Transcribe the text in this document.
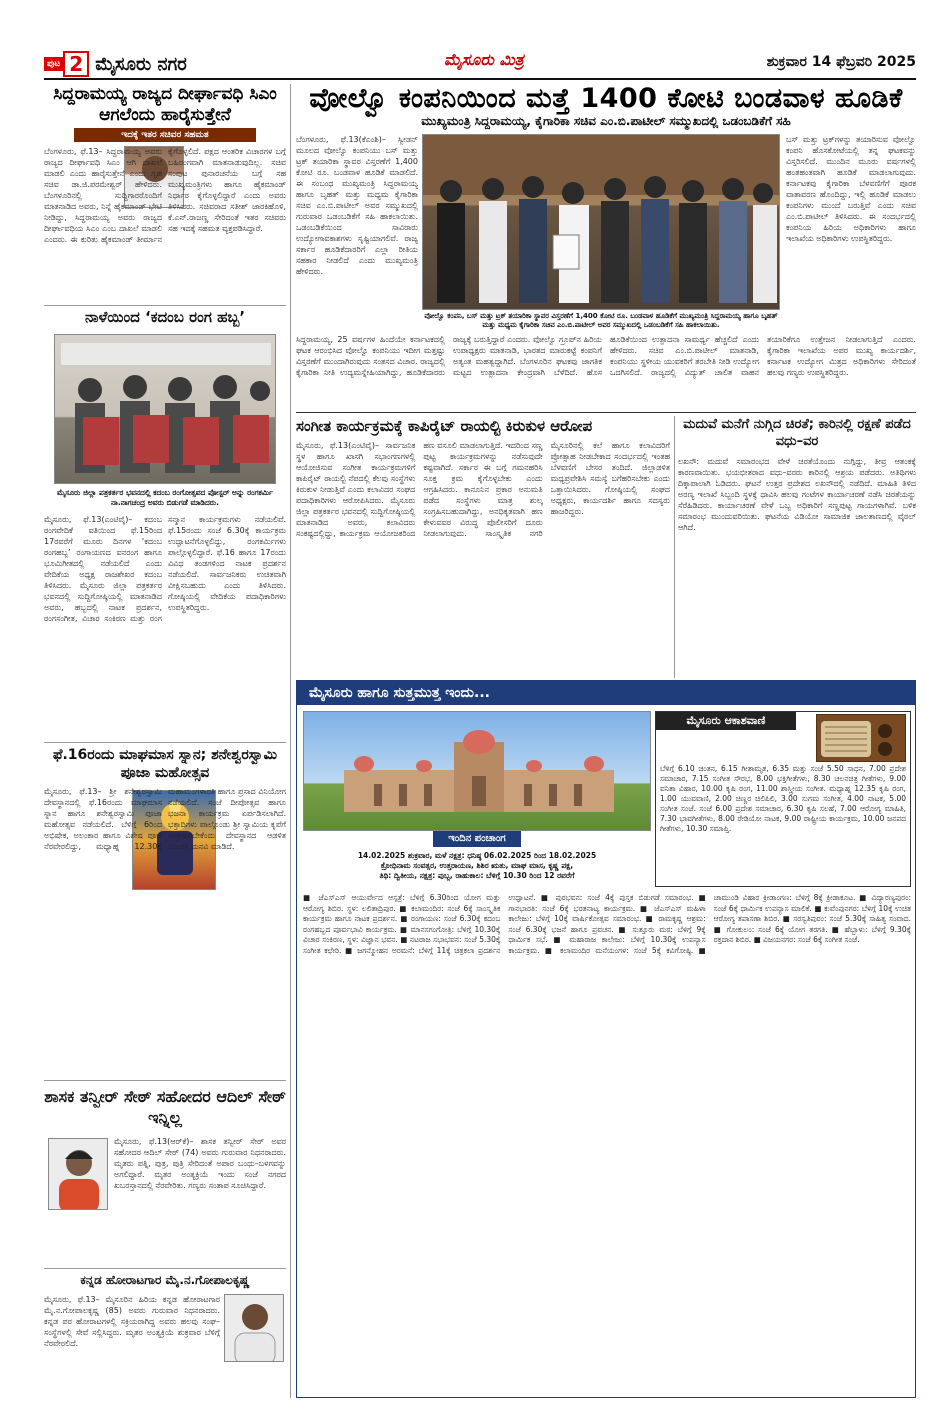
ಪುಟ 2 ಮೈಸೂರು ನಗರ	ಮೈಸೂರು ಮಿತ್ರ	ಶುಕ್ರವಾರ 14 ಫೆಬ್ರವರಿ 2025
ಸಿದ್ದರಾಮಯ್ಯ ರಾಜ್ಯದ ದೀರ್ಘಾವಧಿ ಸಿಎಂ ಆಗಲೆಂದು ಹಾರೈಸುತ್ತೇನೆ
ಇದಕ್ಕೆ ಇತರ ಸಚಿವರ ಸಹಮತ
ಬೆಂಗಳೂರು, ಫೆ.13– ಸಿದ್ದರಾಮಯ್ಯ ಅವರು ರಾಜ್ಯದ ದೀರ್ಘಾವಧಿ ಸಿಎಂ ಆಗಿ ದಾಖಲೆ ಮಾಡಲಿ ಎಂದು ಹಾರೈಸುತ್ತೇನೆ ಎಂದು ಗೃಹ ಸಚಿವ ಡಾ.ಜಿ.ಪರಮೇಶ್ವರ್ ಹೇಳಿದರು. ಬೆಂಗಳೂರಿನಲ್ಲಿ ಸುದ್ದಿಗಾರರೊಂದಿಗೆ ಮಾತನಾಡಿದ ಅವರು, ನಿನ್ನೆ ಹೈಕಮಾಂಡ್ ಭೇಟಿ ನೀಡಿದ್ದು, ಸಿದ್ದರಾಮಯ್ಯ ಅವರು ರಾಜ್ಯದ ದೀರ್ಘಾವಧಿಯ ಸಿಎಂ ಎಂಬ ದಾಖಲೆ ಮಾಡಲಿ ಎಂದರು. ಈ ಕುರಿತು ಹೈಕಮಾಂಡ್ ತೀರ್ಮಾನ ಕೈಗೊಳ್ಳಲಿದೆ. ಪಕ್ಷದ ಆಂತರಿಕ ವಿಚಾರಗಳ ಬಗ್ಗೆ ಬಹಿರಂಗವಾಗಿ ಮಾತನಾಡುವುದಿಲ್ಲ. ಸಚಿವ ಸಂಪುಟ ಪುನಾರಚನೆಯ ಬಗ್ಗೆ ಸಹ ಮುಖ್ಯಮಂತ್ರಿಗಳು ಹಾಗೂ ಹೈಕಮಾಂಡ್ ನಿರ್ಧಾರ ಕೈಗೊಳ್ಳಲಿದ್ದಾರೆ ಎಂದು ಅವರು ತಿಳಿಸಿದರು. ಸಚಿವರಾದ ಸತೀಶ್ ಜಾರಕಿಹೊಳಿ, ಕೆ.ಎನ್.ರಾಜಣ್ಣ ಸೇರಿದಂತೆ ಇತರ ಸಚಿವರು ಸಹ ಇದಕ್ಕೆ ಸಹಮತ ವ್ಯಕ್ತಪಡಿಸಿದ್ದಾರೆ.
ನಾಳೆಯಿಂದ ‘ಕದಂಬ ರಂಗ ಹಬ್ಬ’
ಮೈಸೂರು ಜಿಲ್ಲಾ ಪತ್ರಕರ್ತರ ಭವನದಲ್ಲಿ ಕದಂಬ ರಂಗೋತ್ಸವದ ಪೋಸ್ಟರ್ ಅನ್ನು ರಂಗಕರ್ಮಿ ನಾ.ನಾಗಚಂದ್ರ ಅವರು ಬಿಡುಗಡೆ ಮಾಡಿದರು.
ಮೈಸೂರು, ಫೆ.13(ಎಂಟಿವೈ)– ಕದಂಬ ರಂಗವೇದಿಕೆ ವತಿಯಿಂದ ಫೆ.15ರಿಂದ 17ರವರೆಗೆ ಮೂರು ದಿನಗಳ ‘ಕದಂಬ ರಂಗಹಬ್ಬ’ ರಂಗಾಯಣದ ವನರಂಗ ಹಾಗೂ ಭೂಮಿಗೀತದಲ್ಲಿ ನಡೆಯಲಿದೆ ಎಂದು ವೇದಿಕೆಯ ಅಧ್ಯಕ್ಷ ರಾಜಶೇಖರ ಕದಂಬ ತಿಳಿಸಿದರು. ಮೈಸೂರು ಜಿಲ್ಲಾ ಪತ್ರಕರ್ತರ ಭವನದಲ್ಲಿ ಸುದ್ದಿಗೋಷ್ಠಿಯಲ್ಲಿ ಮಾತನಾಡಿದ ಅವರು, ಹಬ್ಬದಲ್ಲಿ ನಾಟಕ ಪ್ರದರ್ಶನ, ರಂಗಸಂಗೀತ, ವಿಚಾರ ಸಂಕಿರಣ ಮತ್ತು ರಂಗ ಸನ್ಮಾನ ಕಾರ್ಯಕ್ರಮಗಳು ನಡೆಯಲಿವೆ. ಫೆ.15ರಂದು ಸಂಜೆ 6.30ಕ್ಕೆ ಕಾರ್ಯಕ್ರಮ ಉದ್ಘಾಟನೆಗೊಳ್ಳಲಿದ್ದು, ರಂಗಕರ್ಮಿಗಳು ಪಾಲ್ಗೊಳ್ಳಲಿದ್ದಾರೆ. ಫೆ.16 ಹಾಗೂ 17ರಂದು ವಿವಿಧ ತಂಡಗಳಿಂದ ನಾಟಕ ಪ್ರದರ್ಶನ ನಡೆಯಲಿದೆ. ಸಾರ್ವಜನಿಕರು ಉಚಿತವಾಗಿ ವೀಕ್ಷಿಸಬಹುದು ಎಂದು ತಿಳಿಸಿದರು. ಗೋಷ್ಠಿಯಲ್ಲಿ ವೇದಿಕೆಯ ಪದಾಧಿಕಾರಿಗಳು ಉಪಸ್ಥಿತರಿದ್ದರು.
ಫೆ.16ರಂದು ಮಾಘಮಾಸ ಸ್ನಾನ; ಶನೇಶ್ವರಸ್ವಾಮಿ ಪೂಜಾ ಮಹೋತ್ಸವ
ಮೈಸೂರು, ಫೆ.13– ಶ್ರೀ ಶನೇಶ್ವರಸ್ವಾಮಿ ದೇವಸ್ಥಾನದಲ್ಲಿ ಫೆ.16ರಂದು ಮಾಘಮಾಸ ಸ್ನಾನ ಹಾಗೂ ಶನೇಶ್ವರಸ್ವಾಮಿ ಪೂಜಾ ಮಹೋತ್ಸವ ನಡೆಯಲಿದೆ. ಬೆಳಿಗ್ಗೆ 6ರಿಂದ ಅಭಿಷೇಕ, ಅಲಂಕಾರ ಹಾಗೂ ವಿಶೇಷ ಪೂಜೆ ನೆರವೇರಲಿದ್ದು, ಮಧ್ಯಾಹ್ನ 12.30ಕ್ಕೆ ಮಹಾಮಂಗಳಾರತಿ ಹಾಗೂ ಪ್ರಸಾದ ವಿನಿಯೋಗ ನಡೆಯಲಿದೆ. ಸಂಜೆ ದೀಪೋತ್ಸವ ಹಾಗೂ ಭಜನಾ ಕಾರ್ಯಕ್ರಮ ಏರ್ಪಡಿಸಲಾಗಿದೆ. ಭಕ್ತಾದಿಗಳು ಪಾಲ್ಗೊಂಡು ಶ್ರೀ ಸ್ವಾಮಿಯ ಕೃಪೆಗೆ ಪಾತ್ರರಾಗಬೇಕೆಂದು ದೇವಸ್ಥಾನದ ಆಡಳಿತ ಮಂಡಳಿ ಮನವಿ ಮಾಡಿದೆ.
ಶಾಸಕ ತನ್ವೀರ್ ಸೇಠ್ ಸಹೋದರ ಆದಿಲ್ ಸೇಠ್ ಇನ್ನಿಲ್ಲ
ಮೈಸೂರು, ಫೆ.13(ಆರ್‌ಕೆ)– ಶಾಸಕ ತನ್ವೀರ್ ಸೇಠ್ ಅವರ ಸಹೋದರ ಆದಿಲ್ ಸೇಠ್ (74) ಅವರು ಗುರುವಾರ ನಿಧನರಾದರು. ಮೃತರು ಪತ್ನಿ, ಪುತ್ರ, ಪುತ್ರಿ ಸೇರಿದಂತೆ ಅಪಾರ ಬಂಧು–ಬಳಗವನ್ನು ಅಗಲಿದ್ದಾರೆ. ಮೃತರ ಅಂತ್ಯಕ್ರಿಯೆ ಇಂದು ಸಂಜೆ ನಗರದ ಖಬರಸ್ತಾನದಲ್ಲಿ ನೆರವೇರಿತು. ಗಣ್ಯರು ಸಂತಾಪ ಸೂಚಿಸಿದ್ದಾರೆ.
ಕನ್ನಡ ಹೋರಾಟಗಾರ ಮೈ.ನ.ಗೋಪಾಲಕೃಷ್ಣ
ಮೈಸೂರು, ಫೆ.13– ಮೈಸೂರಿನ ಹಿರಿಯ ಕನ್ನಡ ಹೋರಾಟಗಾರ ಮೈ.ನ.ಗೋಪಾಲಕೃಷ್ಣ (85) ಅವರು ಗುರುವಾರ ನಿಧನರಾದರು. ಕನ್ನಡ ಪರ ಹೋರಾಟಗಳಲ್ಲಿ ಸಕ್ರಿಯರಾಗಿದ್ದ ಅವರು ಹಲವು ಸಂಘ–ಸಂಸ್ಥೆಗಳಲ್ಲಿ ಸೇವೆ ಸಲ್ಲಿಸಿದ್ದರು. ಮೃತರ ಅಂತ್ಯಕ್ರಿಯೆ ಶುಕ್ರವಾರ ಬೆಳಿಗ್ಗೆ ನೆರವೇರಲಿದೆ.
ವೋಲ್ವೊ ಕಂಪನಿಯಿಂದ ಮತ್ತೆ 1400 ಕೋಟಿ ಬಂಡವಾಳ ಹೂಡಿಕೆ
ಮುಖ್ಯಮಂತ್ರಿ ಸಿದ್ದರಾಮಯ್ಯ, ಕೈಗಾರಿಕಾ ಸಚಿವ ಎಂ.ಬಿ.ಪಾಟೀಲ್ ಸಮ್ಮುಖದಲ್ಲಿ ಒಡಂಬಡಿಕೆಗೆ ಸಹಿ
ಬೆಂಗಳೂರು, ಫೆ.13(ಕೆಎಂಶಿ)– ಸ್ವೀಡನ್ ಮೂಲದ ವೋಲ್ವೊ ಕಂಪನಿಯು ಬಸ್ ಮತ್ತು ಟ್ರಕ್ ತಯಾರಿಕಾ ಸ್ಥಾವರ ವಿಸ್ತರಣೆಗೆ 1,400 ಕೋಟಿ ರೂ. ಬಂಡವಾಳ ಹೂಡಿಕೆ ಮಾಡಲಿದೆ. ಈ ಸಂಬಂಧ ಮುಖ್ಯಮಂತ್ರಿ ಸಿದ್ದರಾಮಯ್ಯ ಹಾಗೂ ಬೃಹತ್ ಮತ್ತು ಮಧ್ಯಮ ಕೈಗಾರಿಕಾ ಸಚಿವ ಎಂ.ಬಿ.ಪಾಟೀಲ್ ಅವರ ಸಮ್ಮುಖದಲ್ಲಿ ಗುರುವಾರ ಒಡಂಬಡಿಕೆಗೆ ಸಹಿ ಹಾಕಲಾಯಿತು. ಒಡಂಬಡಿಕೆಯಿಂದ ಸಾವಿರಾರು ಉದ್ಯೋಗಾವಕಾಶಗಳು ಸೃಷ್ಟಿಯಾಗಲಿವೆ. ರಾಜ್ಯ ಸರ್ಕಾರ ಹೂಡಿಕೆದಾರರಿಗೆ ಎಲ್ಲಾ ರೀತಿಯ ಸಹಕಾರ ನೀಡಲಿದೆ ಎಂದು ಮುಖ್ಯಮಂತ್ರಿ ಹೇಳಿದರು.
ವೋಲ್ವೊ ಕಂಪನಿ, ಬಸ್ ಮತ್ತು ಟ್ರಕ್ ತಯಾರಿಕಾ ಸ್ಥಾವರ ವಿಸ್ತರಣೆಗೆ 1,400 ಕೋಟಿ ರೂ. ಬಂಡವಾಳ ಹೂಡಿಕೆಗೆ ಮುಖ್ಯಮಂತ್ರಿ ಸಿದ್ದರಾಮಯ್ಯ ಹಾಗೂ ಬೃಹತ್ ಮತ್ತು ಮಧ್ಯಮ ಕೈಗಾರಿಕಾ ಸಚಿವ ಎಂ.ಬಿ.ಪಾಟೀಲ್ ಅವರ ಸಮ್ಮುಖದಲ್ಲಿ ಒಡಂಬಡಿಕೆಗೆ ಸಹಿ ಹಾಕಲಾಯಿತು.
ಬಸ್ ಮತ್ತು ಟ್ರಕ್‌ಗಳನ್ನು ತಯಾರಿಸುವ ವೋಲ್ವೊ ಕಂಪನಿ ಹೊಸಕೋಟೆಯಲ್ಲಿ ತನ್ನ ಘಟಕವನ್ನು ವಿಸ್ತರಿಸಲಿದೆ. ಮುಂದಿನ ಮೂರು ವರ್ಷಗಳಲ್ಲಿ ಹಂತಹಂತವಾಗಿ ಹೂಡಿಕೆ ಮಾಡಲಾಗುವುದು. ಕರ್ನಾಟಕವು ಕೈಗಾರಿಕಾ ಬೆಳವಣಿಗೆಗೆ ಪೂರಕ ವಾತಾವರಣ ಹೊಂದಿದ್ದು, ಇಲ್ಲಿ ಹೂಡಿಕೆ ಮಾಡಲು ಕಂಪನಿಗಳು ಮುಂದೆ ಬರುತ್ತಿವೆ ಎಂದು ಸಚಿವ ಎಂ.ಬಿ.ಪಾಟೀಲ್ ತಿಳಿಸಿದರು. ಈ ಸಂದರ್ಭದಲ್ಲಿ ಕಂಪನಿಯ ಹಿರಿಯ ಅಧಿಕಾರಿಗಳು ಹಾಗೂ ಇಲಾಖೆಯ ಅಧಿಕಾರಿಗಳು ಉಪಸ್ಥಿತರಿದ್ದರು.
ಸಿದ್ದರಾಮಯ್ಯ, 25 ವರ್ಷಗಳ ಹಿಂದೆಯೇ ಕರ್ನಾಟಕದಲ್ಲಿ ಘಟಕ ಆರಂಭಿಸಿದ ವೋಲ್ವೊ ಕಂಪನಿಯು ಇದೀಗ ಮತ್ತಷ್ಟು ವಿಸ್ತರಣೆಗೆ ಮುಂದಾಗಿರುವುದು ಸಂತಸದ ವಿಚಾರ. ರಾಜ್ಯದಲ್ಲಿ ಕೈಗಾರಿಕಾ ನೀತಿ ಉದ್ಯಮಸ್ನೇಹಿಯಾಗಿದ್ದು, ಹೂಡಿಕೆದಾರರು ರಾಜ್ಯಕ್ಕೆ ಬರುತ್ತಿದ್ದಾರೆ ಎಂದರು. ವೋಲ್ವೊ ಗ್ರೂಪ್‌ನ ಹಿರಿಯ ಉಪಾಧ್ಯಕ್ಷರು ಮಾತನಾಡಿ, ಭಾರತದ ಮಾರುಕಟ್ಟೆ ಕಂಪನಿಗೆ ಅತ್ಯಂತ ಮಹತ್ವದ್ದಾಗಿದೆ. ಬೆಂಗಳೂರಿನ ಘಟಕವು ಜಾಗತಿಕ ಮಟ್ಟದ ಉತ್ಪಾದನಾ ಕೇಂದ್ರವಾಗಿ ಬೆಳೆದಿದೆ. ಹೊಸ ಹೂಡಿಕೆಯಿಂದ ಉತ್ಪಾದನಾ ಸಾಮರ್ಥ್ಯ ಹೆಚ್ಚಲಿದೆ ಎಂದು ಹೇಳಿದರು. ಸಚಿವ ಎಂ.ಬಿ.ಪಾಟೀಲ್ ಮಾತನಾಡಿ, ಕಂಪನಿಯು ಸ್ಥಳೀಯ ಯುವಕರಿಗೆ ತರಬೇತಿ ನೀಡಿ ಉದ್ಯೋಗ ಒದಗಿಸಲಿದೆ. ರಾಜ್ಯದಲ್ಲಿ ವಿದ್ಯುತ್ ಚಾಲಿತ ವಾಹನ ತಯಾರಿಕೆಗೂ ಉತ್ತೇಜನ ನೀಡಲಾಗುತ್ತಿದೆ ಎಂದರು. ಕೈಗಾರಿಕಾ ಇಲಾಖೆಯ ಅಪರ ಮುಖ್ಯ ಕಾರ್ಯದರ್ಶಿ, ಕರ್ನಾಟಕ ಉದ್ಯೋಗ ಮಿತ್ರದ ಅಧಿಕಾರಿಗಳು ಸೇರಿದಂತೆ ಹಲವು ಗಣ್ಯರು ಉಪಸ್ಥಿತರಿದ್ದರು.
ಸಂಗೀತ ಕಾರ್ಯಕ್ರಮಕ್ಕೆ ಕಾಪಿರೈಟ್ ರಾಯಲ್ಟಿ ಕಿರುಕುಳ ಆರೋಪ
ಮೈಸೂರು, ಫೆ.13(ಎಂಟಿವೈ)– ಸಾರ್ವಜನಿಕ ಸ್ಥಳ ಹಾಗೂ ಖಾಸಗಿ ಸಭಾಂಗಣಗಳಲ್ಲಿ ಆಯೋಜಿಸುವ ಸಂಗೀತ ಕಾರ್ಯಕ್ರಮಗಳಿಗೆ ಕಾಪಿರೈಟ್ ರಾಯಲ್ಟಿ ನೆಪದಲ್ಲಿ ಕೆಲವು ಸಂಸ್ಥೆಗಳು ಕಿರುಕುಳ ನೀಡುತ್ತಿವೆ ಎಂದು ಕಲಾವಿದರ ಸಂಘದ ಪದಾಧಿಕಾರಿಗಳು ಆರೋಪಿಸಿದರು. ಮೈಸೂರು ಜಿಲ್ಲಾ ಪತ್ರಕರ್ತರ ಭವನದಲ್ಲಿ ಸುದ್ದಿಗೋಷ್ಠಿಯಲ್ಲಿ ಮಾತನಾಡಿದ ಅವರು, ಕಲಾವಿದರು ಸಂಕಷ್ಟದಲ್ಲಿದ್ದು, ಕಾರ್ಯಕ್ರಮ ಆಯೋಜಕರಿಂದ ಹಣ ವಸೂಲಿ ಮಾಡಲಾಗುತ್ತಿದೆ. ಇದರಿಂದ ಸಣ್ಣ ಪುಟ್ಟ ಕಾರ್ಯಕ್ರಮಗಳನ್ನು ನಡೆಸುವುದೇ ಕಷ್ಟವಾಗಿದೆ. ಸರ್ಕಾರ ಈ ಬಗ್ಗೆ ಗಮನಹರಿಸಿ ಸೂಕ್ತ ಕ್ರಮ ಕೈಗೊಳ್ಳಬೇಕು ಎಂದು ಆಗ್ರಹಿಸಿದರು. ಕಾನೂನಿನ ಪ್ರಕಾರ ಅನುಮತಿ ಪಡೆದ ಸಂಸ್ಥೆಗಳು ಮಾತ್ರ ಶುಲ್ಕ ಸಂಗ್ರಹಿಸಬಹುದಾಗಿದ್ದು, ಅನಧಿಕೃತವಾಗಿ ಹಣ ಕೇಳುವವರ ವಿರುದ್ಧ ಪೊಲೀಸರಿಗೆ ದೂರು ನೀಡಲಾಗುವುದು. ಸಾಂಸ್ಕೃತಿಕ ನಗರಿ ಮೈಸೂರಿನಲ್ಲಿ ಕಲೆ ಹಾಗೂ ಕಲಾವಿದರಿಗೆ ಪ್ರೋತ್ಸಾಹ ನೀಡಬೇಕಾದ ಸಂದರ್ಭದಲ್ಲಿ ಇಂತಹ ಬೆಳವಣಿಗೆ ಬೇಸರ ತಂದಿದೆ. ಜಿಲ್ಲಾಡಳಿತ ಮಧ್ಯಪ್ರವೇಶಿಸಿ ಸಮಸ್ಯೆ ಬಗೆಹರಿಸಬೇಕು ಎಂದು ಒತ್ತಾಯಿಸಿದರು. ಗೋಷ್ಠಿಯಲ್ಲಿ ಸಂಘದ ಅಧ್ಯಕ್ಷರು, ಕಾರ್ಯದರ್ಶಿ ಹಾಗೂ ಸದಸ್ಯರು ಹಾಜರಿದ್ದರು.
ಮದುವೆ ಮನೆಗೆ ನುಗ್ಗಿದ ಚಿರತೆ; ಕಾರಿನಲ್ಲಿ ರಕ್ಷಣೆ ಪಡೆದ ವಧು–ವರ
ಲಖನೌ: ಮದುವೆ ಸಮಾರಂಭದ ವೇಳೆ ಚಿರತೆಯೊಂದು ನುಗ್ಗಿದ್ದು, ತೀವ್ರ ಆತಂಕಕ್ಕೆ ಕಾರಣವಾಯಿತು. ಭಯಭೀತರಾದ ವಧು–ವರರು ಕಾರಿನಲ್ಲಿ ಆಶ್ರಯ ಪಡೆದರು. ಅತಿಥಿಗಳು ದಿಕ್ಕಾಪಾಲಾಗಿ ಓಡಿದರು. ಘಟನೆ ಉತ್ತರ ಪ್ರದೇಶದ ಲಖನೌದಲ್ಲಿ ನಡೆದಿದೆ. ಮಾಹಿತಿ ತಿಳಿದ ಅರಣ್ಯ ಇಲಾಖೆ ಸಿಬ್ಬಂದಿ ಸ್ಥಳಕ್ಕೆ ಧಾವಿಸಿ ಹಲವು ಗಂಟೆಗಳ ಕಾರ್ಯಾಚರಣೆ ನಡೆಸಿ ಚಿರತೆಯನ್ನು ಸೆರೆಹಿಡಿದರು. ಕಾರ್ಯಾಚರಣೆ ವೇಳೆ ಒಬ್ಬ ಅಧಿಕಾರಿಗೆ ಸಣ್ಣಪುಟ್ಟ ಗಾಯಗಳಾಗಿವೆ. ಬಳಿಕ ಸಮಾರಂಭ ಮುಂದುವರಿಯಿತು. ಘಟನೆಯ ವಿಡಿಯೋ ಸಾಮಾಜಿಕ ಜಾಲತಾಣದಲ್ಲಿ ವೈರಲ್ ಆಗಿದೆ.
ಮೈಸೂರು ಹಾಗೂ ಸುತ್ತಮುತ್ತ ಇಂದು...
ಇಂದಿನ ಪಂಚಾಂಗ
14.02.2025 ಶುಕ್ರವಾರ, ಮಳೆ ನಕ್ಷತ್ರ: ಧನಿಷ್ಠ 06.02.2025 ರಿಂದ 18.02.2025
ಕ್ರೋಧಿನಾಮ ಸಂವತ್ಸರ, ಉತ್ತರಾಯಣ, ಶಿಶಿರ ಋತು, ಮಾಘ ಮಾಸ, ಕೃಷ್ಣ ಪಕ್ಷ,
ತಿಥಿ: ದ್ವಿತೀಯ, ನಕ್ಷತ್ರ: ಪುಬ್ಬ, ರಾಹುಕಾಲ: ಬೆಳಿಗ್ಗೆ 10.30 ರಿಂದ 12 ರವರೆಗೆ
ಮೈಸೂರು ಆಕಾಶವಾಣಿ
ಬೆಳಿಗ್ಗೆ 6.10 ಚಿಂತನ, 6.15 ಗೀತಾಮೃತ, 6.35 ಮತ್ತು ಸಂಜೆ 5.50 ಸಾಧನ, 7.00 ಪ್ರದೇಶ ಸಮಾಚಾರ, 7.15 ಸಂಗೀತ ಸೌರಭ, 8.00 ಭಕ್ತಿಗೀತೆಗಳು, 8.30 ಚಲನಚಿತ್ರ ಗೀತೆಗಳು, 9.00 ವನಿತಾ ವಿಹಾರ, 10.00 ಕೃಷಿ ರಂಗ, 11.00 ಶಾಸ್ತ್ರೀಯ ಸಂಗೀತ. ಮಧ್ಯಾಹ್ನ 12.35 ಕೃಷಿ ರಂಗ, 1.00 ಯುವವಾಣಿ, 2.00 ಚಿಣ್ಣರ ಚಿಲಿಪಿಲಿ, 3.00 ಸುಗಮ ಸಂಗೀತ, 4.00 ನಾಟಕ, 5.00 ಸಂಗೀತ ಸಂಜೆ. ಸಂಜೆ 6.00 ಪ್ರದೇಶ ಸಮಾಚಾರ, 6.30 ಕೃಷಿ ಸಲಹೆ, 7.00 ಆರೋಗ್ಯ ಮಾಹಿತಿ, 7.30 ಭಾವಗೀತೆಗಳು, 8.00 ರೇಡಿಯೋ ನಾಟಕ, 9.00 ರಾಷ್ಟ್ರೀಯ ಕಾರ್ಯಕ್ರಮ, 10.00 ಜನಪದ ಗೀತೆಗಳು, 10.30 ಸಮಾಪ್ತಿ.
■ ಜೆಎಸ್ಎಸ್ ಆಯುರ್ವೇದ ಆಸ್ಪತ್ರೆ: ಬೆಳಿಗ್ಗೆ 6.30ರಿಂದ ಯೋಗ ಮತ್ತು ಆರೋಗ್ಯ ಶಿಬಿರ. ಸ್ಥಳ: ಲಲಿತಾದ್ರಿಪುರ. ■ ಕಲಾಮಂದಿರ: ಸಂಜೆ 6ಕ್ಕೆ ಸಾಂಸ್ಕೃತಿಕ ಕಾರ್ಯಕ್ರಮ ಹಾಗೂ ನಾಟಕ ಪ್ರದರ್ಶನ. ■ ರಂಗಾಯಣ: ಸಂಜೆ 6.30ಕ್ಕೆ ಕದಂಬ ರಂಗಹಬ್ಬದ ಪೂರ್ವಭಾವಿ ಕಾರ್ಯಕ್ರಮ. ■ ಮಾನಸಗಂಗೋತ್ರಿ: ಬೆಳಿಗ್ಗೆ 10.30ಕ್ಕೆ ವಿಚಾರ ಸಂಕಿರಣ, ಸ್ಥಳ: ವಿಜ್ಞಾನ ಭವನ. ■ ನಟರಾಜ ಸಭಾಭವನ: ಸಂಜೆ 5.30ಕ್ಕೆ ಸಂಗೀತ ಕಛೇರಿ. ■ ಜಗನ್ಮೋಹನ ಅರಮನೆ: ಬೆಳಿಗ್ಗೆ 11ಕ್ಕೆ ಚಿತ್ರಕಲಾ ಪ್ರದರ್ಶನ ಉದ್ಘಾಟನೆ. ■ ಪುರಭವನ: ಸಂಜೆ 4ಕ್ಕೆ ಪುಸ್ತಕ ಬಿಡುಗಡೆ ಸಮಾರಂಭ. ■ ಗಾನಭಾರತಿ: ಸಂಜೆ 6ಕ್ಕೆ ಭರತನಾಟ್ಯ ಕಾರ್ಯಕ್ರಮ. ■ ಜೆಎಸ್ಎಸ್ ಮಹಿಳಾ ಕಾಲೇಜು: ಬೆಳಿಗ್ಗೆ 10ಕ್ಕೆ ವಾರ್ಷಿಕೋತ್ಸವ ಸಮಾರಂಭ. ■ ರಾಮಕೃಷ್ಣ ಆಶ್ರಮ: ಸಂಜೆ 6.30ಕ್ಕೆ ಭಜನೆ ಹಾಗೂ ಪ್ರವಚನ. ■ ಸುತ್ತೂರು ಮಠ: ಬೆಳಿಗ್ಗೆ 9ಕ್ಕೆ ಧಾರ್ಮಿಕ ಸಭೆ. ■ ಮಹಾರಾಜ ಕಾಲೇಜು: ಬೆಳಿಗ್ಗೆ 10.30ಕ್ಕೆ ಉಪನ್ಯಾಸ ಕಾರ್ಯಕ್ರಮ. ■ ಕಲಾಮಂದಿರ ಮನೆಯಂಗಳ: ಸಂಜೆ 5ಕ್ಕೆ ಕವಿಗೋಷ್ಠಿ. ■ ಚಾಮುಂಡಿ ವಿಹಾರ ಕ್ರೀಡಾಂಗಣ: ಬೆಳಿಗ್ಗೆ 8ಕ್ಕೆ ಕ್ರೀಡಾಕೂಟ. ■ ವಿದ್ಯಾರಣ್ಯಪುರಂ: ಸಂಜೆ 6ಕ್ಕೆ ಧಾರ್ಮಿಕ ಉಪನ್ಯಾಸ ಮಾಲಿಕೆ. ■ ಕುವೆಂಪುನಗರ: ಬೆಳಿಗ್ಗೆ 10ಕ್ಕೆ ಉಚಿತ ಆರೋಗ್ಯ ತಪಾಸಣಾ ಶಿಬಿರ. ■ ಸರಸ್ವತಿಪುರಂ: ಸಂಜೆ 5.30ಕ್ಕೆ ಸಾಹಿತ್ಯ ಸಂವಾದ. ■ ಗೋಕುಲಂ: ಸಂಜೆ 6ಕ್ಕೆ ಯೋಗ ತರಗತಿ. ■ ಹೆಬ್ಬಾಳು: ಬೆಳಿಗ್ಗೆ 9.30ಕ್ಕೆ ರಕ್ತದಾನ ಶಿಬಿರ. ■ ವಿಜಯನಗರ: ಸಂಜೆ 6ಕ್ಕೆ ಸಂಗೀತ ಸಂಜೆ.
